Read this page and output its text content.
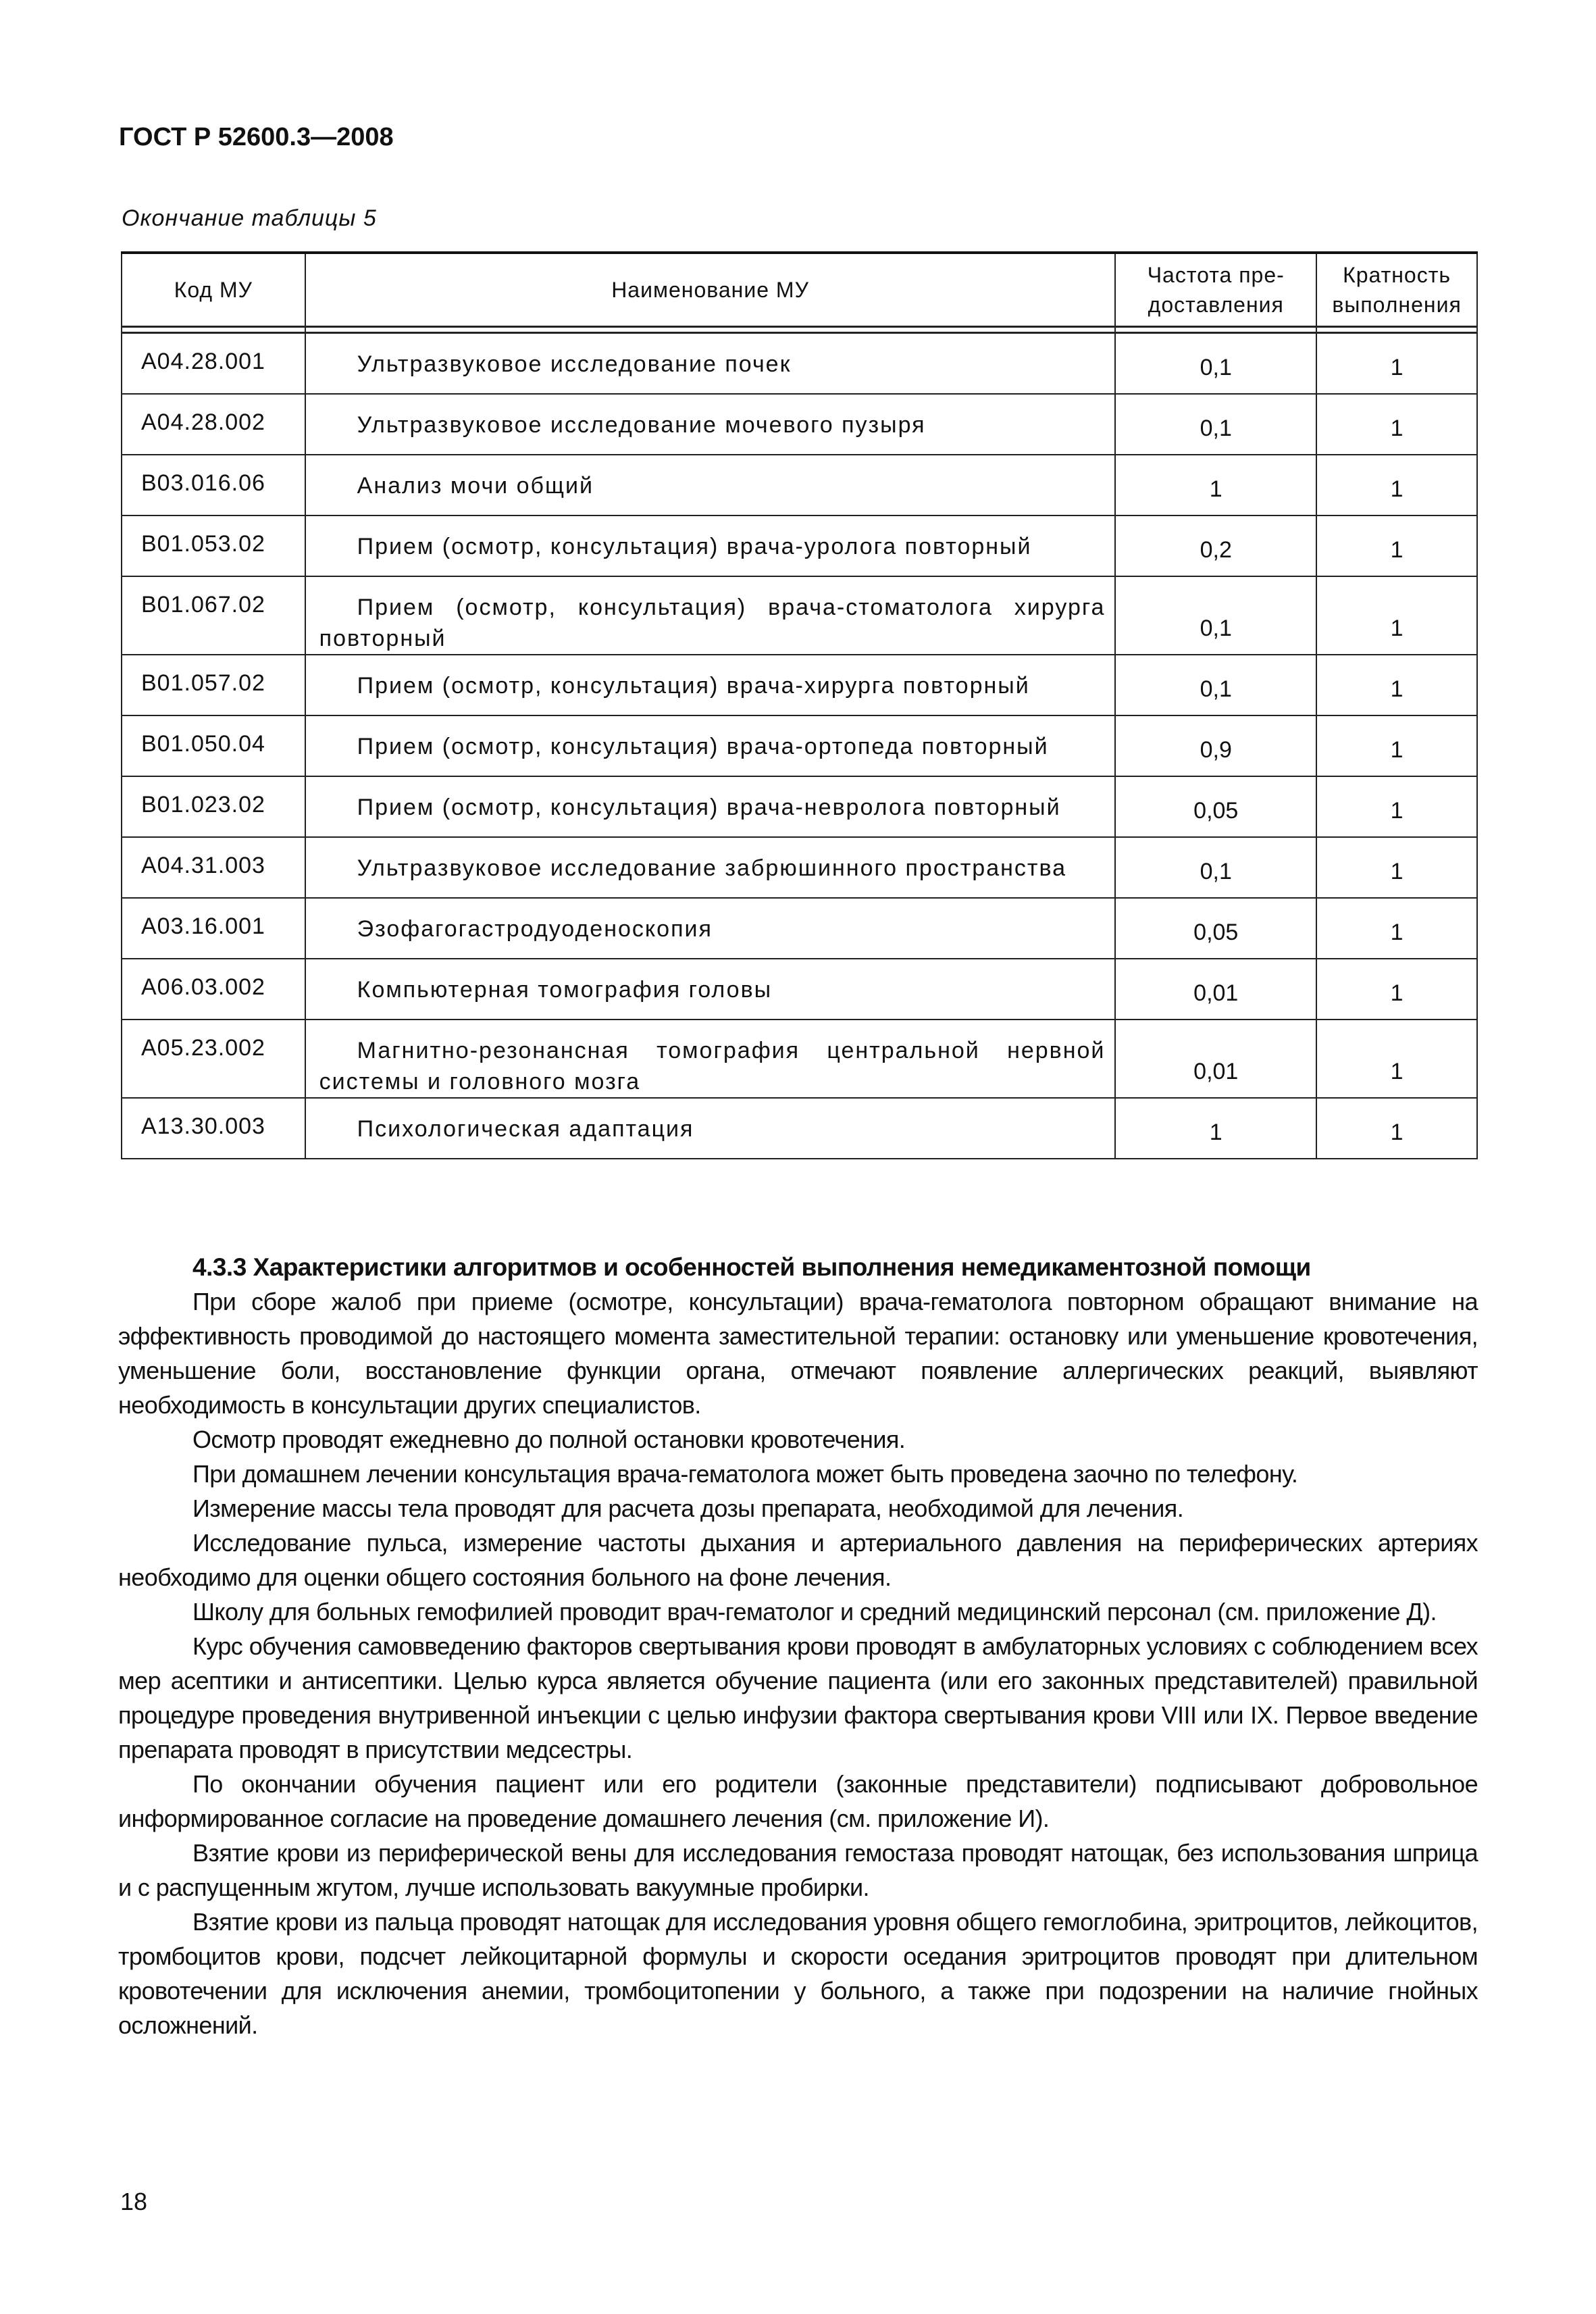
ГОСТ Р 52600.3—2008
Окончание таблицы 5
Код МУ	Наименование МУ	Частота пре-доставления	Кратность выполнения

А04.28.001	Ультразвуковое исследование почек	0,1	1
А04.28.002	Ультразвуковое исследование мочевого пузыря	0,1	1
В03.016.06	Анализ мочи общий	1	1
В01.053.02	Прием (осмотр, консультация) врача-уролога повторный	0,2	1
В01.067.02	Прием (осмотр, консультация) врача-стоматолога хирурга повторный	0,1	1
В01.057.02	Прием (осмотр, консультация) врача-хирурга повторный	0,1	1
В01.050.04	Прием (осмотр, консультация) врача-ортопеда повторный	0,9	1
В01.023.02	Прием (осмотр, консультация) врача-невролога повторный	0,05	1
А04.31.003	Ультразвуковое исследование забрюшинного пространства	0,1	1
А03.16.001	Эзофагогастродуоденоскопия	0,05	1
А06.03.002	Компьютерная томография головы	0,01	1
А05.23.002	Магнитно-резонансная томография центральной нервной системы и головного мозга	0,01	1
А13.30.003	Психологическая адаптация	1	1
4.3.3 Характеристики алгоритмов и особенностей выполнения немедикаментозной помощи

При сборе жалоб при приеме (осмотре, консультации) врача-гематолога повторном обращают внимание на эффективность проводимой до настоящего момента заместительной терапии: остановку или уменьшение кровотечения, уменьшение боли, восстановление функции органа, отмечают появление аллергических реакций, выявляют необходимость в консультации других специалистов.

Осмотр проводят ежедневно до полной остановки кровотечения.

При домашнем лечении консультация врача-гематолога может быть проведена заочно по телефону.

Измерение массы тела проводят для расчета дозы препарата, необходимой для лечения.

Исследование пульса, измерение частоты дыхания и артериального давления на периферических артериях необходимо для оценки общего состояния больного на фоне лечения.

Школу для больных гемофилией проводит врач-гематолог и средний медицинский персонал (см. приложение Д).

Курс обучения самовведению факторов свертывания крови проводят в амбулаторных условиях с соблюдением всех мер асептики и антисептики. Целью курса является обучение пациента (или его законных представителей) правильной процедуре проведения внутривенной инъекции с целью инфузии фактора свертывания крови VIII или IX. Первое введение препарата проводят в присутствии медсестры.

По окончании обучения пациент или его родители (законные представители) подписывают добровольное информированное согласие на проведение домашнего лечения (см. приложение И).

Взятие крови из периферической вены для исследования гемостаза проводят натощак, без использования шприца и с распущенным жгутом, лучше использовать вакуумные пробирки.

Взятие крови из пальца проводят натощак для исследования уровня общего гемоглобина, эритроцитов, лейкоцитов, тромбоцитов крови, подсчет лейкоцитарной формулы и скорости оседания эритроцитов проводят при длительном кровотечении для исключения анемии, тромбоцитопении у больного, а также при подозрении на наличие гнойных осложнений.

18
